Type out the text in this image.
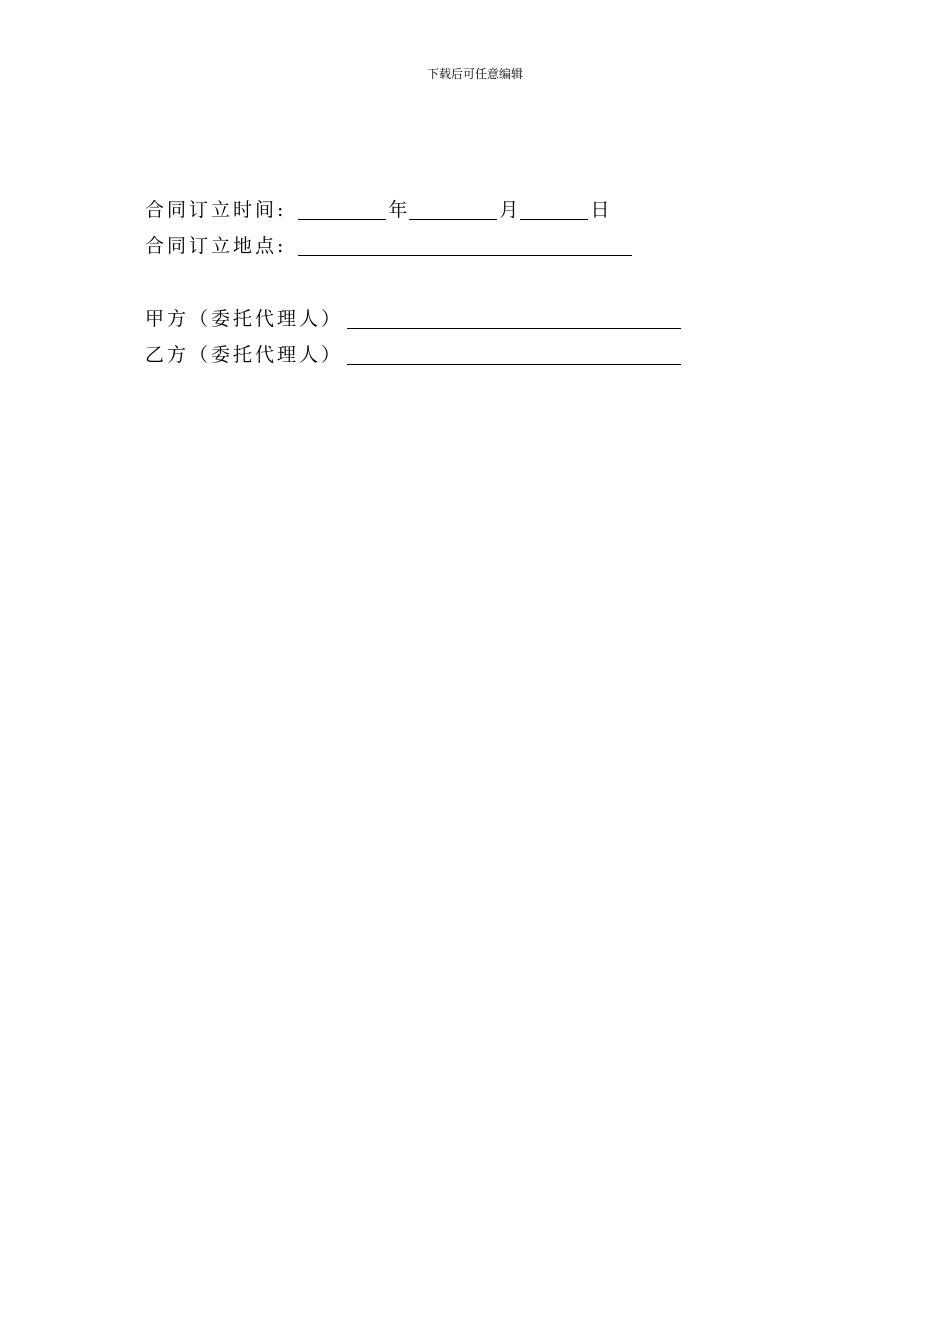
下载后可任意编辑
合同订立时间:	年	月	日
合同订立地点:
甲方（委托代理人）
乙方（委托代理人）
